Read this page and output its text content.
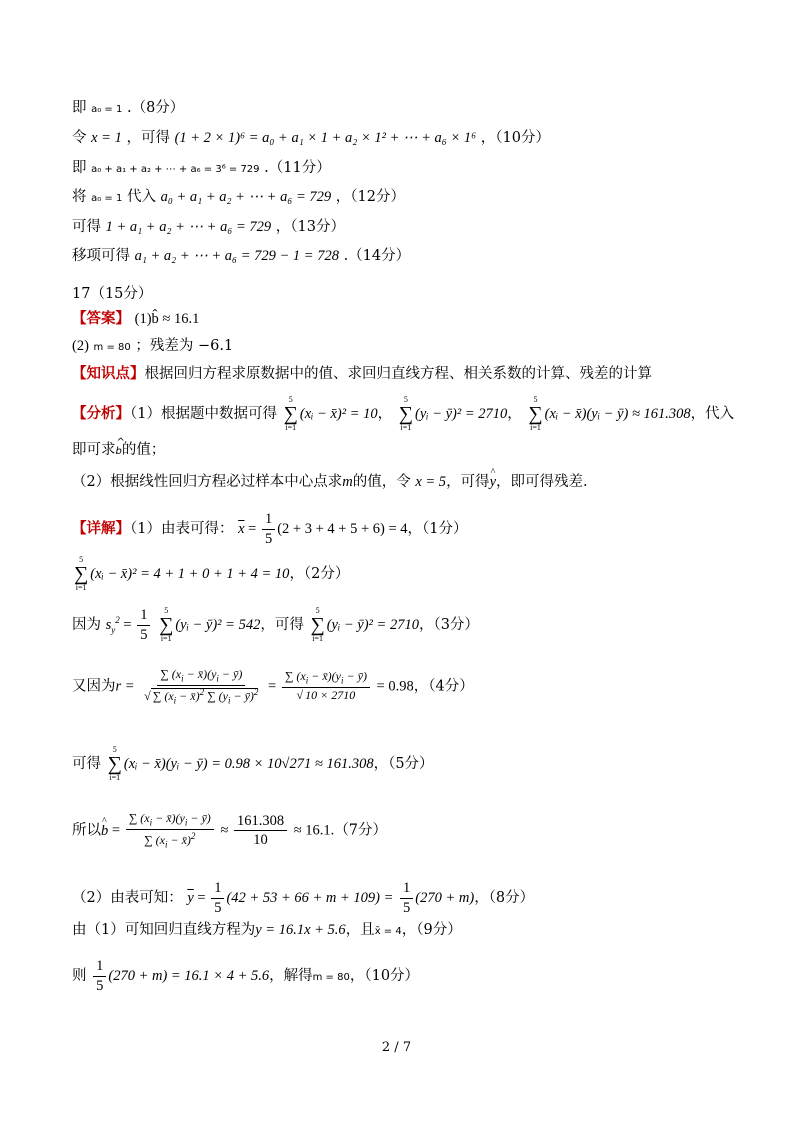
即 a₀ = 1 .（8分）
令 x = 1 ，可得 (1 + 2 × 1)⁶ = a₀ + a₁ × 1 + a₂ × 1² + ⋯ + a₆ × 1⁶ ，（10分）
即 a₀ + a₁ + a₂ + ⋯ + a₆ = 3⁶ = 729 .（11分）
将 a₀ = 1 代入 a₀ + a₁ + a₂ + ⋯ + a₆ = 729 ，（12分）
可得 1 + a₁ + a₂ + ⋯ + a₆ = 729 ，（13分）
移项可得 a₁ + a₂ + ⋯ + a₆ = 729 − 1 = 728 .（14分）
17（15分）
【答案】 (1)b̂ ≈ 16.1
(2) m = 80 ；残差为 −6.1
【知识点】根据回归方程求原数据中的值、求回归直线方程、相关系数的计算、残差的计算
【分析】（1）根据题中数据可得
5
∑
i=1
(xᵢ − x̄)² = 10，
5
∑
i=1
(yᵢ − ȳ)² = 2710，
5
∑
i=1
(xᵢ − x̄)(yᵢ − ȳ) ≈ 161.308，代入
即可求^ b的值；
（2）根据线性回归方程必过样本中心点求m的值，令 x = 5，可得^ y，即可得残差.
【详解】（1）由表可得： $\overline{x} = \frac{1}{5} (2 + 3 + 4 + 5 + 6) = 4$，（1分）
5
∑
i=1
(xᵢ − x̄)² = 4 + 1 + 0 + 1 + 4 = 10，（2分）
因为 $s_y^2 = \frac{1}{5}$
5
∑
i=1
(yᵢ − ȳ)² = 542，可得
5
∑
i=1
(yᵢ − ȳ)² = 2710，（3分）
又因为$r = \frac{\sum (x_i - x̄)(y_i - ȳ)}{√ \sum (x_i - x̄)^2 \sum (y_i - ȳ)^2} = \frac{\sum (x_i - x̄)(y_i - ȳ)}{√ 10 \times 2710} = 0.98$，（4分）
可得
5
∑
i=1
(xᵢ − x̄)(yᵢ − ȳ) = 0.98 × 10√271 ≈ 161.308，（5分）
所以^ $b = \frac{\sum (x_i - x̄)(y_i - ȳ)}{\sum (x_i - x̄)^2} \approx \frac{161.308}{10} \approx 16.1.(7$分）
（2）由表可知： $\overline{y} = \frac{1}{5} (42 + 53 + 66 + m + 109) = \frac{1}{5} (270 + m)$，（8分）
由（1）可知回归直线方程为y = 16.1x + 5.6，且x̄ = 4，（9分）
则 $\frac{1}{5} (270 + m) = 16.1 \times 4 + 5.6$，解得m = 80，（10分）
2 / 7
